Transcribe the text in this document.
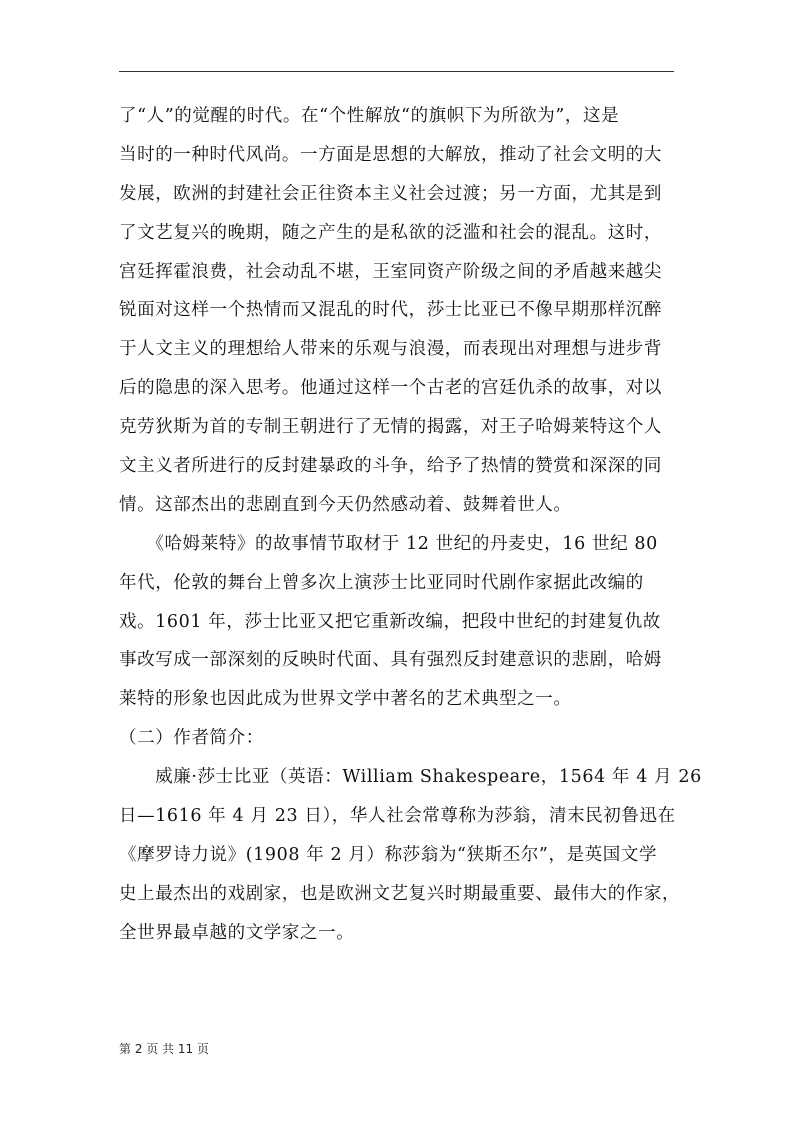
了“人”的觉醒的时代。在“个性解放“的旗帜下为所欲为”，这是
当时的一种时代风尚。一方面是思想的大解放，推动了社会文明的大
发展，欧洲的封建社会正往资本主义社会过渡；另一方面，尤其是到
了文艺复兴的晚期，随之产生的是私欲的泛滥和社会的混乱。这时，
宫廷挥霍浪费，社会动乱不堪，王室同资产阶级之间的矛盾越来越尖
锐面对这样一个热情而又混乱的时代，莎士比亚已不像早期那样沉醉
于人文主义的理想给人带来的乐观与浪漫，而表现出对理想与进步背
后的隐患的深入思考。他通过这样一个古老的宫廷仇杀的故事，对以
克劳狄斯为首的专制王朝进行了无情的揭露，对王子哈姆莱特这个人
文主义者所进行的反封建暴政的斗争，给予了热情的赞赏和深深的同
情。这部杰出的悲剧直到今天仍然感动着、鼓舞着世人。
　　《哈姆莱特》的故事情节取材于 12 世纪的丹麦史，16 世纪 80
年代，伦敦的舞台上曾多次上演莎士比亚同时代剧作家据此改编的
戏。1601 年，莎士比亚又把它重新改编，把段中世纪的封建复仇故
事改写成一部深刻的反映时代面、具有强烈反封建意识的悲剧，哈姆
莱特的形象也因此成为世界文学中著名的艺术典型之一。
（二）作者简介：
　　威廉·莎士比亚（英语：William Shakespeare，1564 年 4 月 26
日—1616 年 4 月 23 日），华人社会常尊称为莎翁，清末民初鲁迅在
《摩罗诗力说》(1908 年 2 月）称莎翁为“狭斯丕尔”，是英国文学
史上最杰出的戏剧家，也是欧洲文艺复兴时期最重要、最伟大的作家，
全世界最卓越的文学家之一。
第 2 页 共 11 页
